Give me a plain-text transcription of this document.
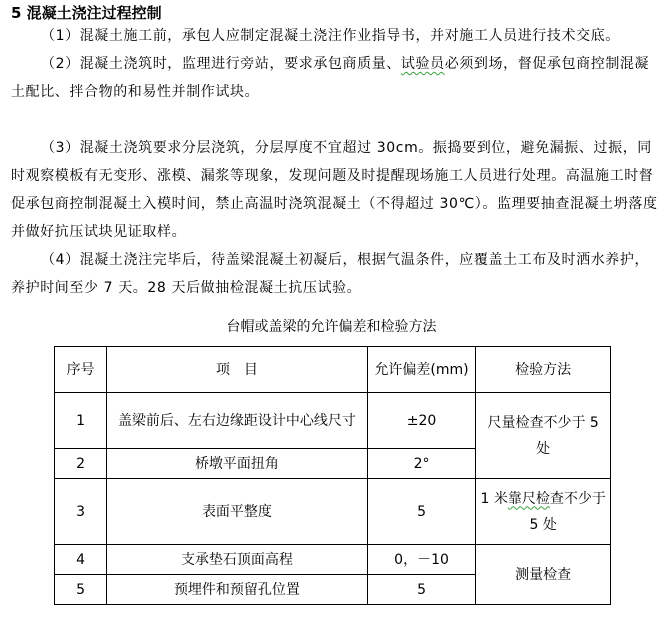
5 混凝土浇注过程控制

（1）混凝土施工前，承包人应制定混凝土浇注作业指导书，并对施工人员进行技术交底。

（2）混凝土浇筑时，监理进行旁站，要求承包商质量、试验员必须到场，督促承包商控制混凝土配比、拌合物的和易性并制作试块。

（3）混凝土浇筑要求分层浇筑，分层厚度不宜超过 30cm。振捣要到位，避免漏振、过振，同时观察模板有无变形、涨模、漏浆等现象，发现问题及时提醒现场施工人员进行处理。高温施工时督促承包商控制混凝土入模时间，禁止高温时浇筑混凝土（不得超过 30℃）。监理要抽查混凝土坍落度并做好抗压试块见证取样。

（4）混凝土浇注完毕后，待盖梁混凝土初凝后，根据气温条件，应覆盖土工布及时洒水养护，养护时间至少 7 天。28 天后做抽检混凝土抗压试验。

台帽或盖梁的允许偏差和检验方法
序号	项　目	允许偏差(mm)	检验方法
1	盖梁前后、左右边缘距设计中心线尺寸	±20	尺量检查不少于 5 处
2	桥墩平面扭角	2°	
3	表面平整度	5	1 米靠尺检查不少于 5 处
4	支承垫石顶面高程	0，－10	测量检查
5	预埋件和预留孔位置	5	
